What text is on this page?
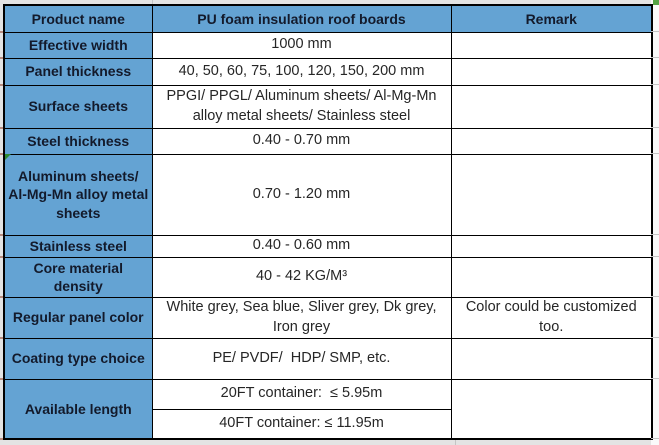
Product name	PU foam insulation roof boards	Remark
Effective width	1000 mm	
Panel thickness	40, 50, 60, 75, 100, 120, 150, 200 mm	
Surface sheets	PPGI/ PPGL/ Aluminum sheets/ Al-Mg-Mn alloy metal sheets/ Stainless steel	
Steel thickness	0.40 - 0.70 mm	
Aluminum sheets/ Al-Mg-Mn alloy metal sheets	0.70 - 1.20 mm	
Stainless steel	0.40 - 0.60 mm	
Core material density	40 - 42 KG/M³	
Regular panel color	White grey, Sea blue, Sliver grey, Dk grey, Iron grey	Color could be customized too.
Coating type choice	PE/ PVDF/  HDP/ SMP, etc.	
Available length	20FT container:  ≤ 5.95m	
	40FT container: ≤ 11.95m	
